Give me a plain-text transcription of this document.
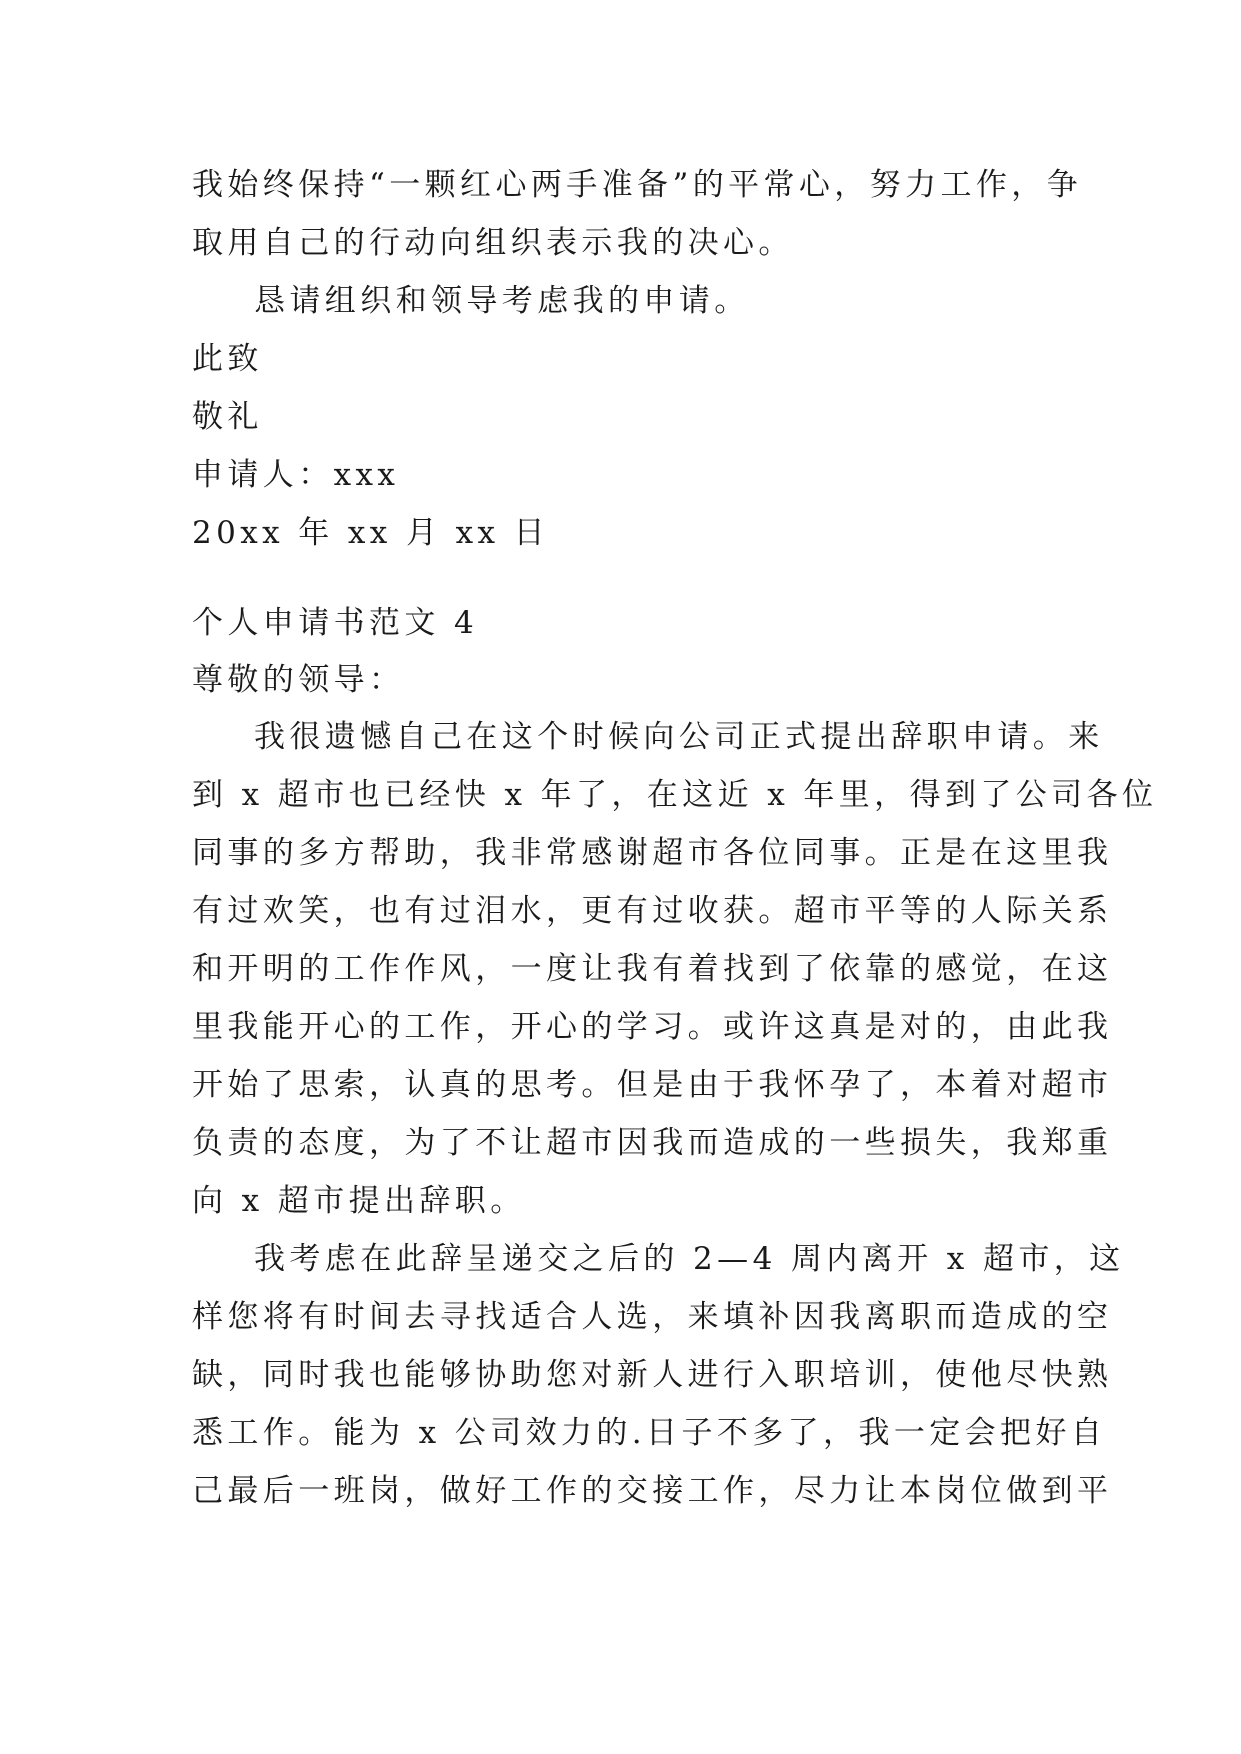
我始终保持“一颗红心两手准备”的平常心，努力工作，争
取用自己的行动向组织表示我的决心。
恳请组织和领导考虑我的申请。
此致
敬礼
申请人：xxx
20xx 年 xx 月 xx 日
个人申请书范文 4
尊敬的领导：
我很遗憾自己在这个时候向公司正式提出辞职申请。来
到 x 超市也已经快 x 年了，在这近 x 年里，得到了公司各位
同事的多方帮助，我非常感谢超市各位同事。正是在这里我
有过欢笑，也有过泪水，更有过收获。超市平等的人际关系
和开明的工作作风，一度让我有着找到了依靠的感觉，在这
里我能开心的工作，开心的学习。或许这真是对的，由此我
开始了思索，认真的思考。但是由于我怀孕了，本着对超市
负责的态度，为了不让超市因我而造成的一些损失，我郑重
向 x 超市提出辞职。
我考虑在此辞呈递交之后的 2—4 周内离开 x 超市，这
样您将有时间去寻找适合人选，来填补因我离职而造成的空
缺，同时我也能够协助您对新人进行入职培训，使他尽快熟
悉工作。能为 x 公司效力的.日子不多了，我一定会把好自
己最后一班岗，做好工作的交接工作，尽力让本岗位做到平
